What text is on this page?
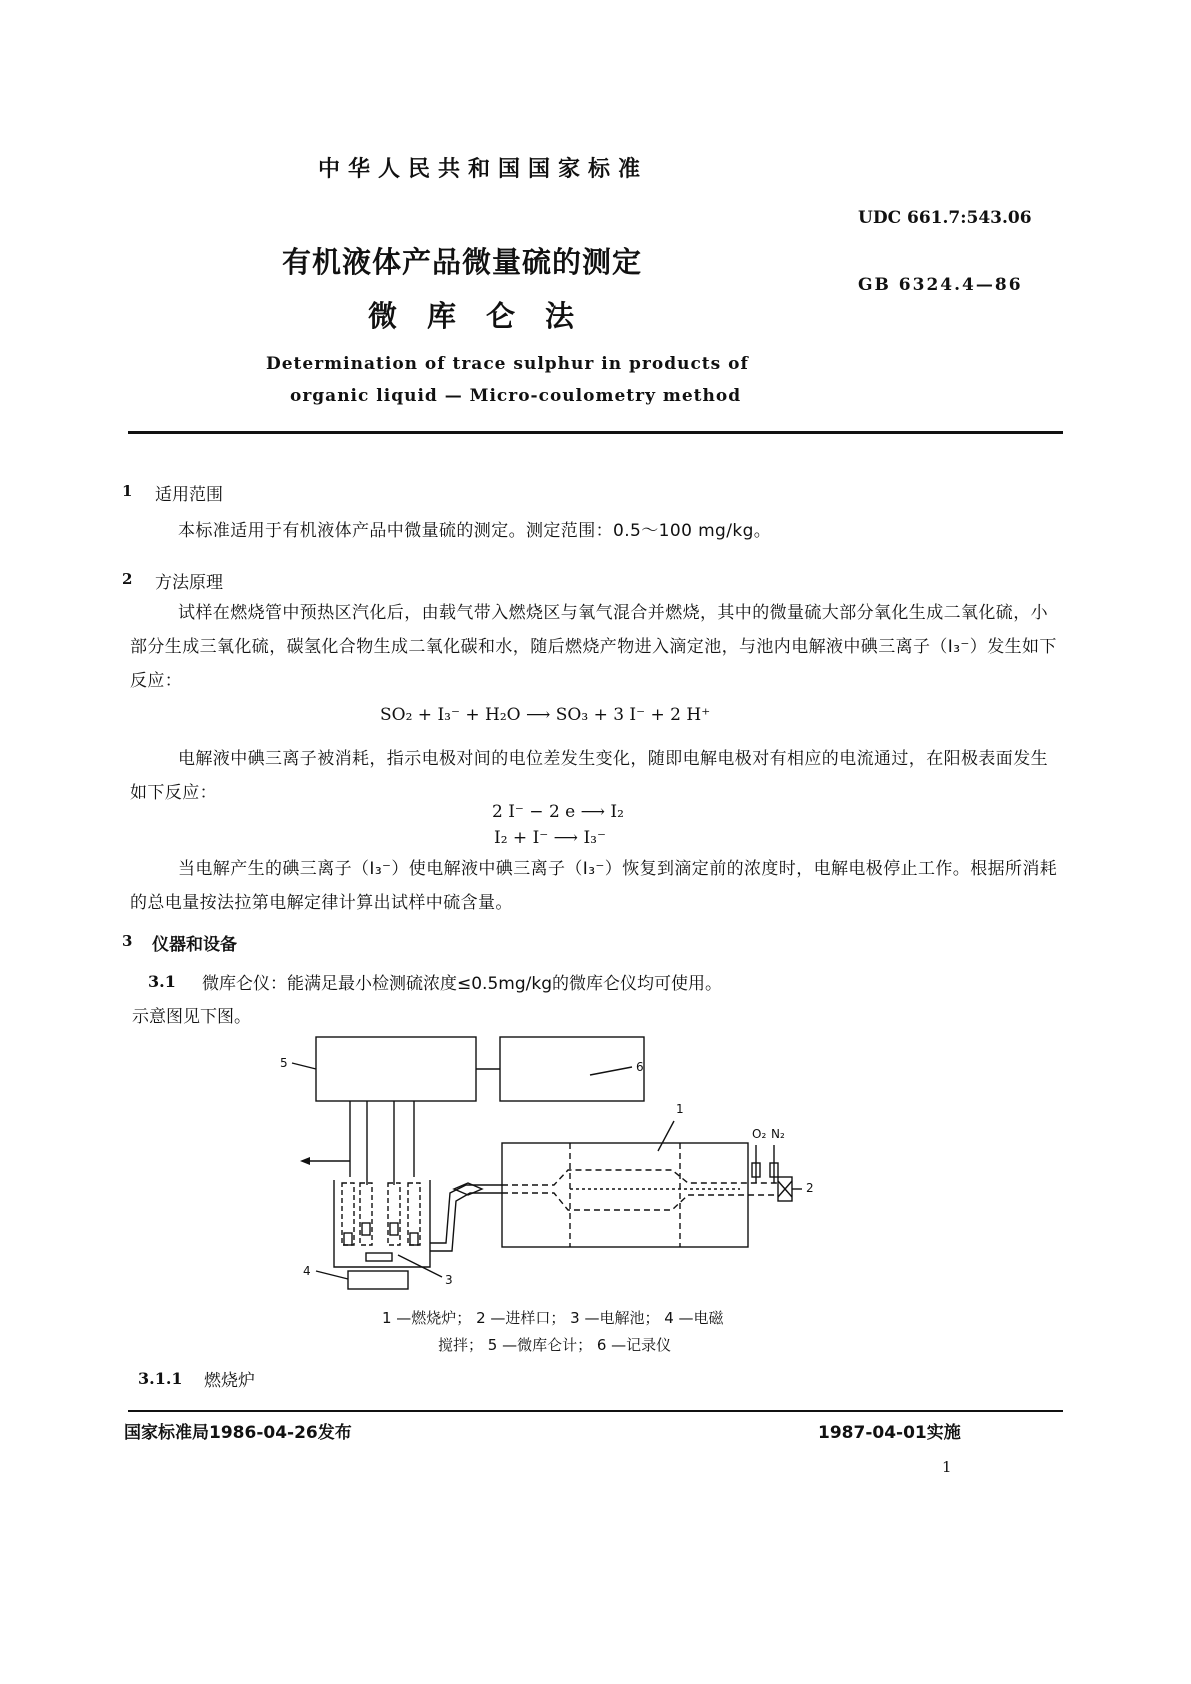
中华人民共和国国家标准
UDC 661.7:543.06
GB 6324.4—86
有机液体产品微量硫的测定
微库仑法
Determination of trace sulphur in products of
organic liquid — Micro-coulometry method
1 适用范围
本标准适用于有机液体产品中微量硫的测定。测定范围：0.5～100 mg/kg。
2 方法原理
试样在燃烧管中预热区汽化后，由载气带入燃烧区与氧气混合并燃烧，其中的微量硫大部分氧化生成二氧化硫，小部分生成三氧化硫，碳氢化合物生成二氧化碳和水，随后燃烧产物进入滴定池，与池内电解液中碘三离子（I₃⁻）发生如下反应：
SO₂ + I₃⁻ + H₂O ⟶ SO₃ + 3 I⁻ + 2 H⁺
电解液中碘三离子被消耗，指示电极对间的电位差发生变化，随即电解电极对有相应的电流通过，在阳极表面发生如下反应：
2 I⁻ − 2 e ⟶ I₂
I₂ + I⁻ ⟶ I₃⁻
当电解产生的碘三离子（I₃⁻）使电解液中碘三离子（I₃⁻）恢复到滴定前的浓度时，电解电极停止工作。根据所消耗的总电量按法拉第电解定律计算出试样中硫含量。
3 仪器和设备
3.1 微库仑仪：能满足最小检测硫浓度≤0.5mg/kg的微库仑仪均可使用。
示意图见下图。
5	6
1
O₂ N₂
2
3
4
1 —燃烧炉； 2 —进样口； 3 —电解池； 4 —电磁
搅拌； 5 —微库仑计； 6 —记录仪
3.1.1 燃烧炉
国家标准局1986-04-26发布	1987-04-01实施
1
